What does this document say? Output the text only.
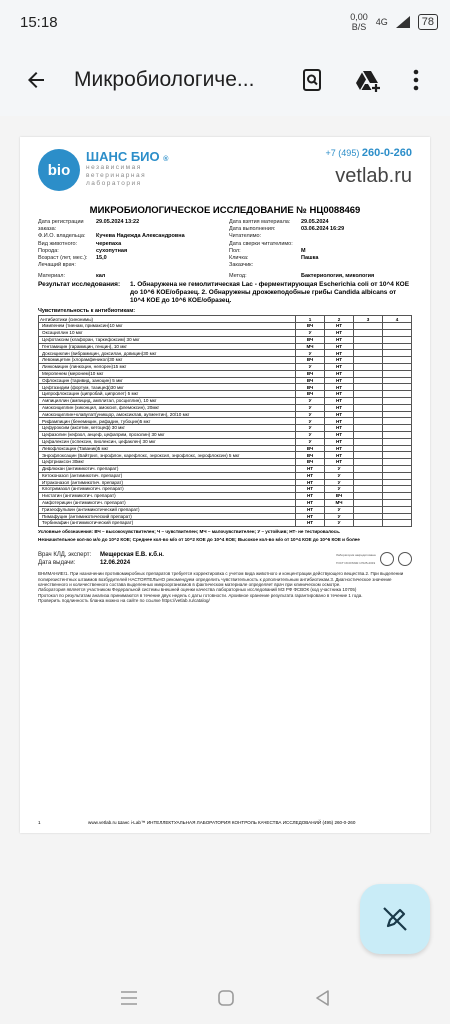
15:18	0,00
B/S 4G	78
Микробиологиче...
bio
ШАНС БИО ®
независимая
ветеринарная
лаборатория
+7 (495) 260-0-260
vetlab.ru
МИКРОБИОЛОГИЧЕСКОЕ ИССЛЕДОВАНИЕ № НЦ0088469
Дата регистрации заказа:
29.05.2024 13:22
Ф.И.О. владельца:	Кучева Надежда Александровна
Вид животного:	черепаха
Порода:	сухопутная
Возраст (лет, мес.):	15,0
Лечащий врач:
Дата взятия материала:	29.05.2024
Дата выполнения:	03.06.2024 16:29
Читателимо:
Дата сверки читателимо:
Пол:	М
Кличка:	Пашка
Заказчик:
Материал:	кал	Метод:	Бактериология, микология
Результат исследования:	1. Обнаружена не гемолитическая Lac - ферментирующая Escherichia coli от 10^4 КОЕ до 10^6 КОЕ/образец. 2. Обнаружены дрожжеподобные грибы Candida albicans от 10^4 КОЕ до 10^6 КОЕ/образец.
Чувствительность к антибиотикам:
Антибиотики (синонимы)	1	2	3	4
Имипенем (тиенам, примаксин)10 мкг	ВЧ	НТ		
Оксациллин 10 мкг	У	НТ		
Цефотаксим (клафоран, таркефоксим) 30 мкг	ВЧ	НТ		
Гентамицин (гарамицин, генцин), 10 мкг	МЧ	НТ		
Доксициклин (вибрамицин, доксилан, довицин)30 мкг	У	НТ		
Левомицетин (хлорамфеникол)30 мкг	ВЧ	НТ		
Линкомицин (линкоцин, нелорен)15 мкг	У	НТ		
Меропенем (меронем)10 мкг	ВЧ	НТ		
Офлоксацин (таривид, заноцин) 5 мкг	ВЧ	НТ		
Цефтазидим (фортум, тазицеф)30 мкг	ВЧ	НТ		
Ципрофлоксацин (ципробай, ципролет) 5 мкг	ВЧ	НТ		
Ампициллин (ампицид, амплитал, росциллин), 10 мкг	У	НТ		
Амоксициллин (хиконцил, амоксил, флемоксин), 20мкг	У	НТ		
Амоксициллин+клавулат(уникцор, амоксиклав, аугментин), 20/10 мкг	У	НТ		
Рифампицин (бенемицин, рифадин, тубоцин)5 мкг	У	НТ		
Цефуроксим (аксетин, кетоцеф) 30 мкг	У	НТ		
Цефазолин (кефзол, анцеф, цефаприм, прозолин) 30 мкг	У	НТ		
Цефалексин (оспексин, пиолексин, цефаклен) 30 мкг	У	НТ		
Левофлоксацин (Таваник)5 мкг	ВЧ	НТ		
Энрофлоксацин (Байтрил, энрофлон, карефлокс, энроксил, энрофлокс, энрофлоксин) 5 мкг	ВЧ	НТ		
Цефтриаксон 30мкг	ВЧ	НТ		
Дифлюкан (антимикотич. препарат)	НТ	У		
Кетоконазол (антимикотич. препарат)	НТ	У		
Итраконазол (антимикотич. препарат)	НТ	У		
Клотримазол (антимикотич. препарат)	НТ	У		
Нистатин (антимикотич. препарат)	НТ	ВЧ		
Амфотерицин (антимикотич. препарат)	НТ	МЧ		
Гризеофульвин (антимикотический препарат)	НТ	У		
Пимафуцин (антимикотический препарат)	НТ	У		
Тербинафин (антимикотический препарат)	НТ	У		
Условные обозначения: ВЧ – высокочувствителен; Ч – чувствителен; МЧ – малочувствителен; У – устойчив; НТ- не тестировалось.
Незначительное кол-во м/о до 10^2 КОЕ; Среднее кол-во м/о от 10^2 КОЕ до 10^4 КОЕ; Высокое кол-во м/о от 10^4 КОЕ до 10^6 КОЕ и более
Врач КЛД, эксперт:	Мещерская Е.В. к.б.н.
Дата выдачи:	12.06.2024
Лаборатория аккредитована ГОСТ ИСО/МЭК 17025-2019
ВНИМАНИЕ!1. При назначении противомикробных препаратов требуется корректировка с учетом вида животного и концентрации действующего вещества.2. При выделении полирезистентных штаммов возбудителей НАСТОЯТЕЛЬНО рекомендуем определить чувствительность к дополнительным антибиотикам.3. Диагностическое значение качественного и количественного состава выделенных микроорганизмов в фактическом материале определяет врач при клиническом осмотре.
Лаборатория является участником Федеральной системы внешней оценки качества лабораторных исследований МЗ РФ ФСВОК (код участника 10705)
Протокол по результатам анализа принимаются в течение двух недель с даты готовности. Архивное хранение результата гарантировано в течение 1 года.
Проверить подлинность бланка можно на сайте по ссылке https://vetlab.ru/catalog/
1	www.vetlab.ru Шанс i-Lab™ ИНТЕЛЛЕКТУАЛЬНАЯ ЛАБОРАТОРИЯ КОНТРОЛЬ КАЧЕСТВА ИССЛЕДОВАНИЙ (495) 260-0-260
